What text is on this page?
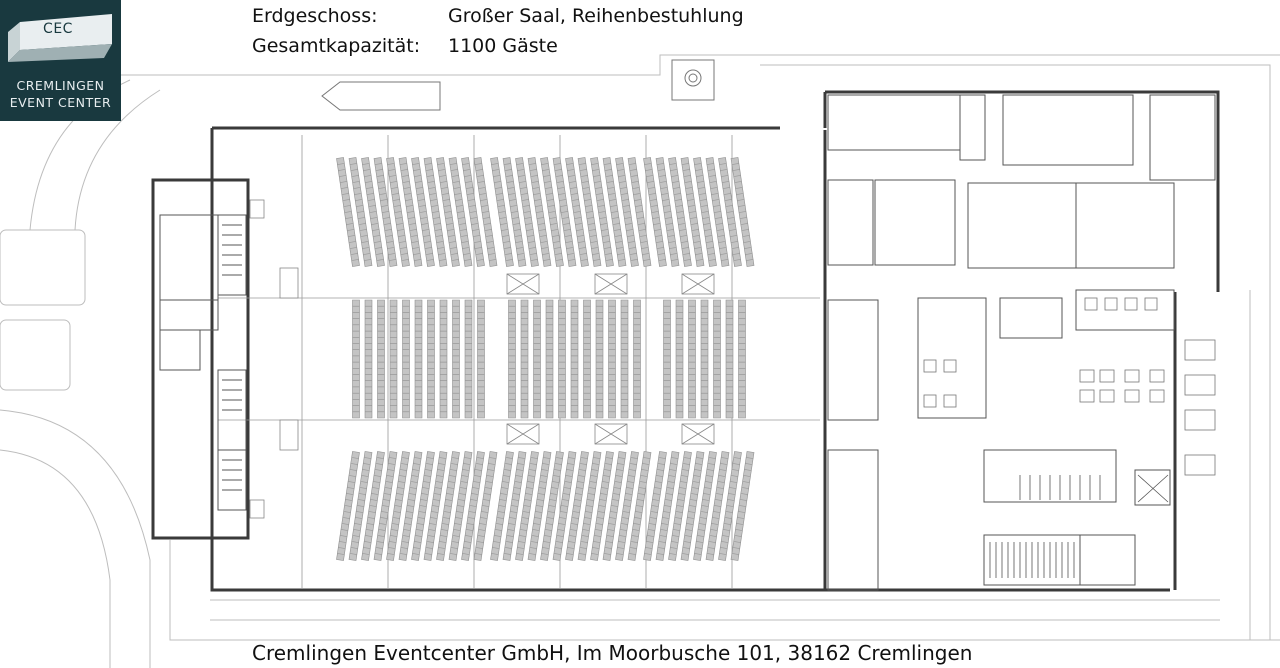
CEC
CREMLINGEN
EVENT CENTER
Erdgeschoss:	Großer Saal, Reihenbestuhlung
Gesamtkapazität: 1100 Gäste
Cremlingen Eventcenter GmbH, Im Moorbusche 101, 38162 Cremlingen
